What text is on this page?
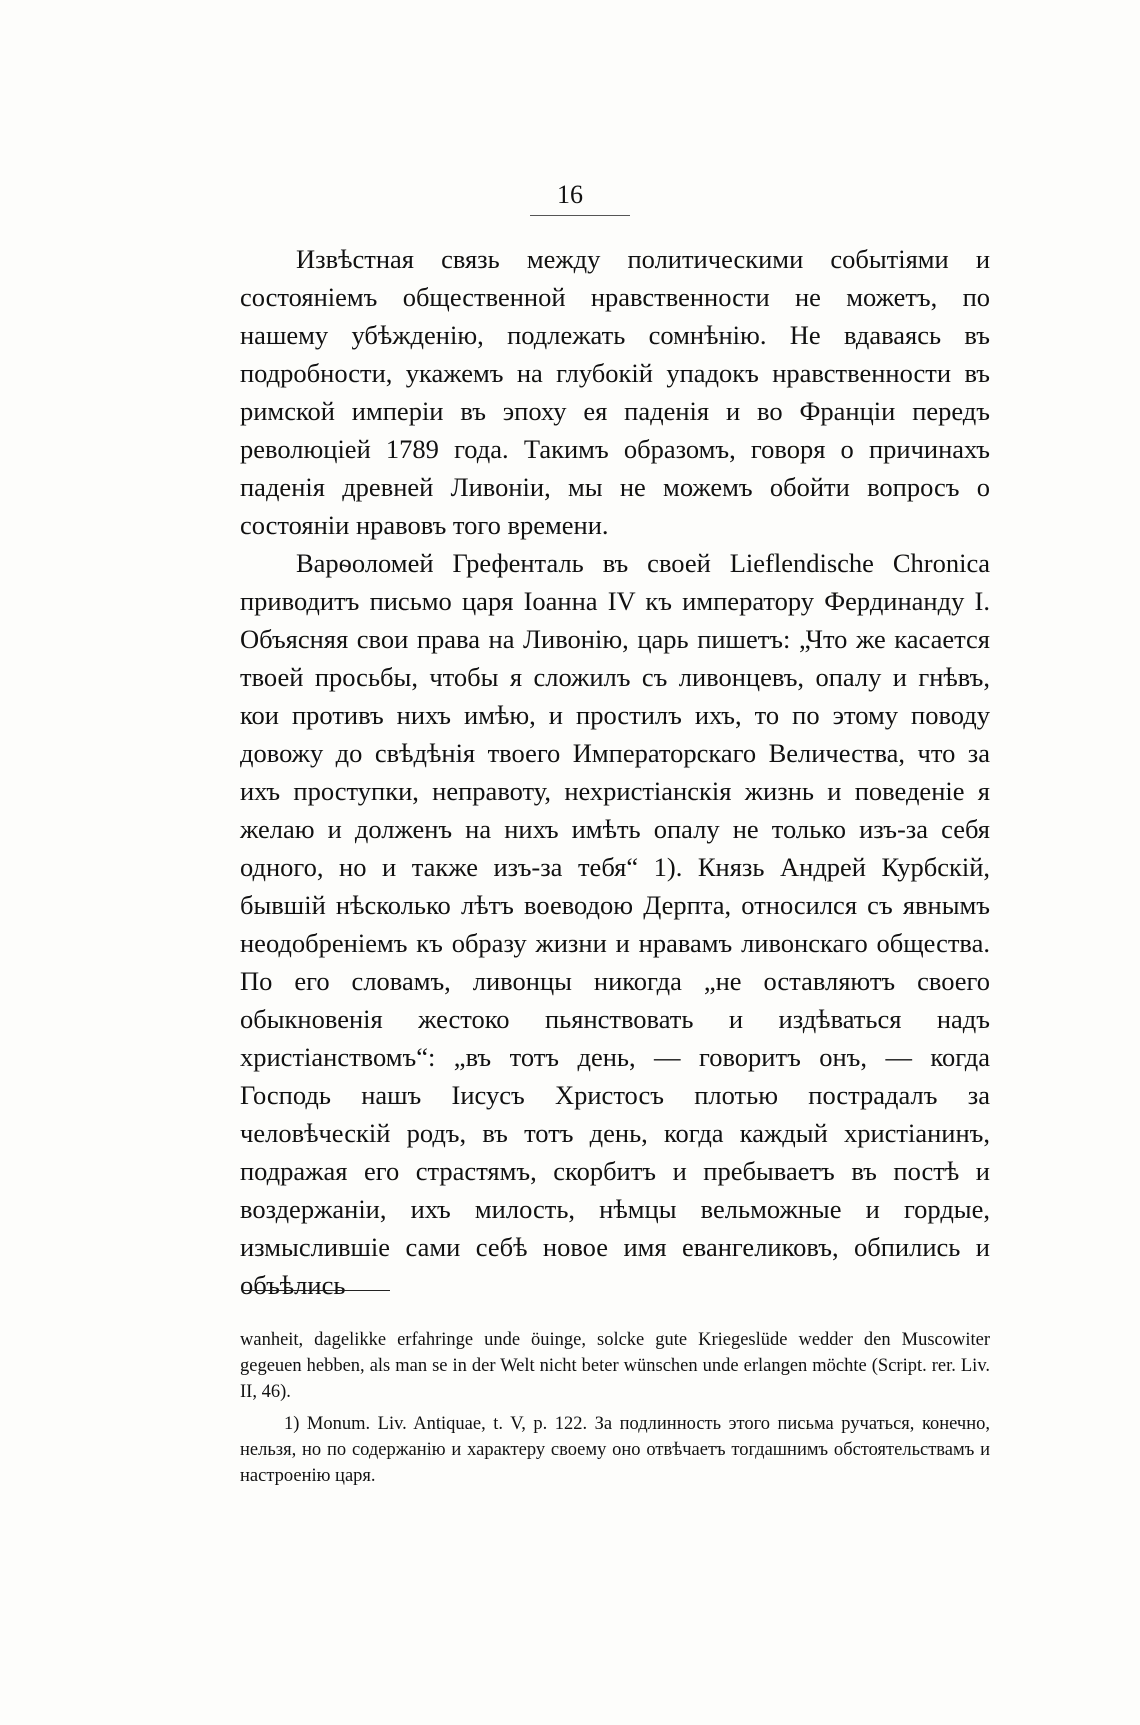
16

Извѣстная связь между политическими событіями и состояніемъ общественной нравственности не можетъ, по нашему убѣжденію, подлежать сомнѣнію. Не вдаваясь въ подробности, укажемъ на глубокій упадокъ нравственности въ римской имперіи въ эпоху ея паденія и во Франціи передъ революціей 1789 года. Такимъ образомъ, говоря о причинахъ паденія древней Ливоніи, мы не можемъ обойти вопросъ о состояніи нравовъ того времени.

Варѳоломей Грефенталь въ своей Lieflendische Chronica приводитъ письмо царя Іоанна IV къ императору Фердинанду I. Объясняя свои права на Ливонію, царь пишетъ: „Что же касается твоей просьбы, чтобы я сложилъ съ ливонцевъ, опалу и гнѣвъ, кои противъ нихъ имѣю, и простилъ ихъ, то по этому поводу довожу до свѣдѣнія твоего Императорскаго Величества, что за ихъ проступки, неправоту, нехристіанскія жизнь и поведеніе я желаю и долженъ на нихъ имѣть опалу не только изъ-за себя одного, но и также изъ-за тебя“ 1). Князь Андрей Курбскій, бывшій нѣсколько лѣтъ воеводою Дерпта, относился съ явнымъ неодобреніемъ къ образу жизни и нравамъ ливонскаго общества. По его словамъ, ливонцы никогда „не оставляютъ своего обыкновенія жестоко пьянствовать и издѣваться надъ христіанствомъ“: „въ тотъ день, — говоритъ онъ, — когда Господь нашъ Іисусъ Христосъ плотью пострадалъ за человѣческій родъ, въ тотъ день, когда каждый христіанинъ, подражая его страстямъ, скорбитъ и пребываетъ въ постѣ и воздержаніи, ихъ милость, нѣмцы вельможные и гордые, измыслившіе сами себѣ новое имя евангеликовъ, обпились и объѣлись

wanheit, dagelikke erfahringe unde öuinge, solcke gute Kriegeslüde wedder den Muscowiter gegeuen hebben, als man se in der Welt nicht beter wünschen unde erlangen möchte (Script. rer. Liv. II, 46).

1) Monum. Liv. Antiquae, t. V, p. 122. За подлинность этого письма ручаться, конечно, нельзя, но по содержанію и характеру своему оно отвѣчаетъ тогдашнимъ обстоятельствамъ и настроенію царя.
